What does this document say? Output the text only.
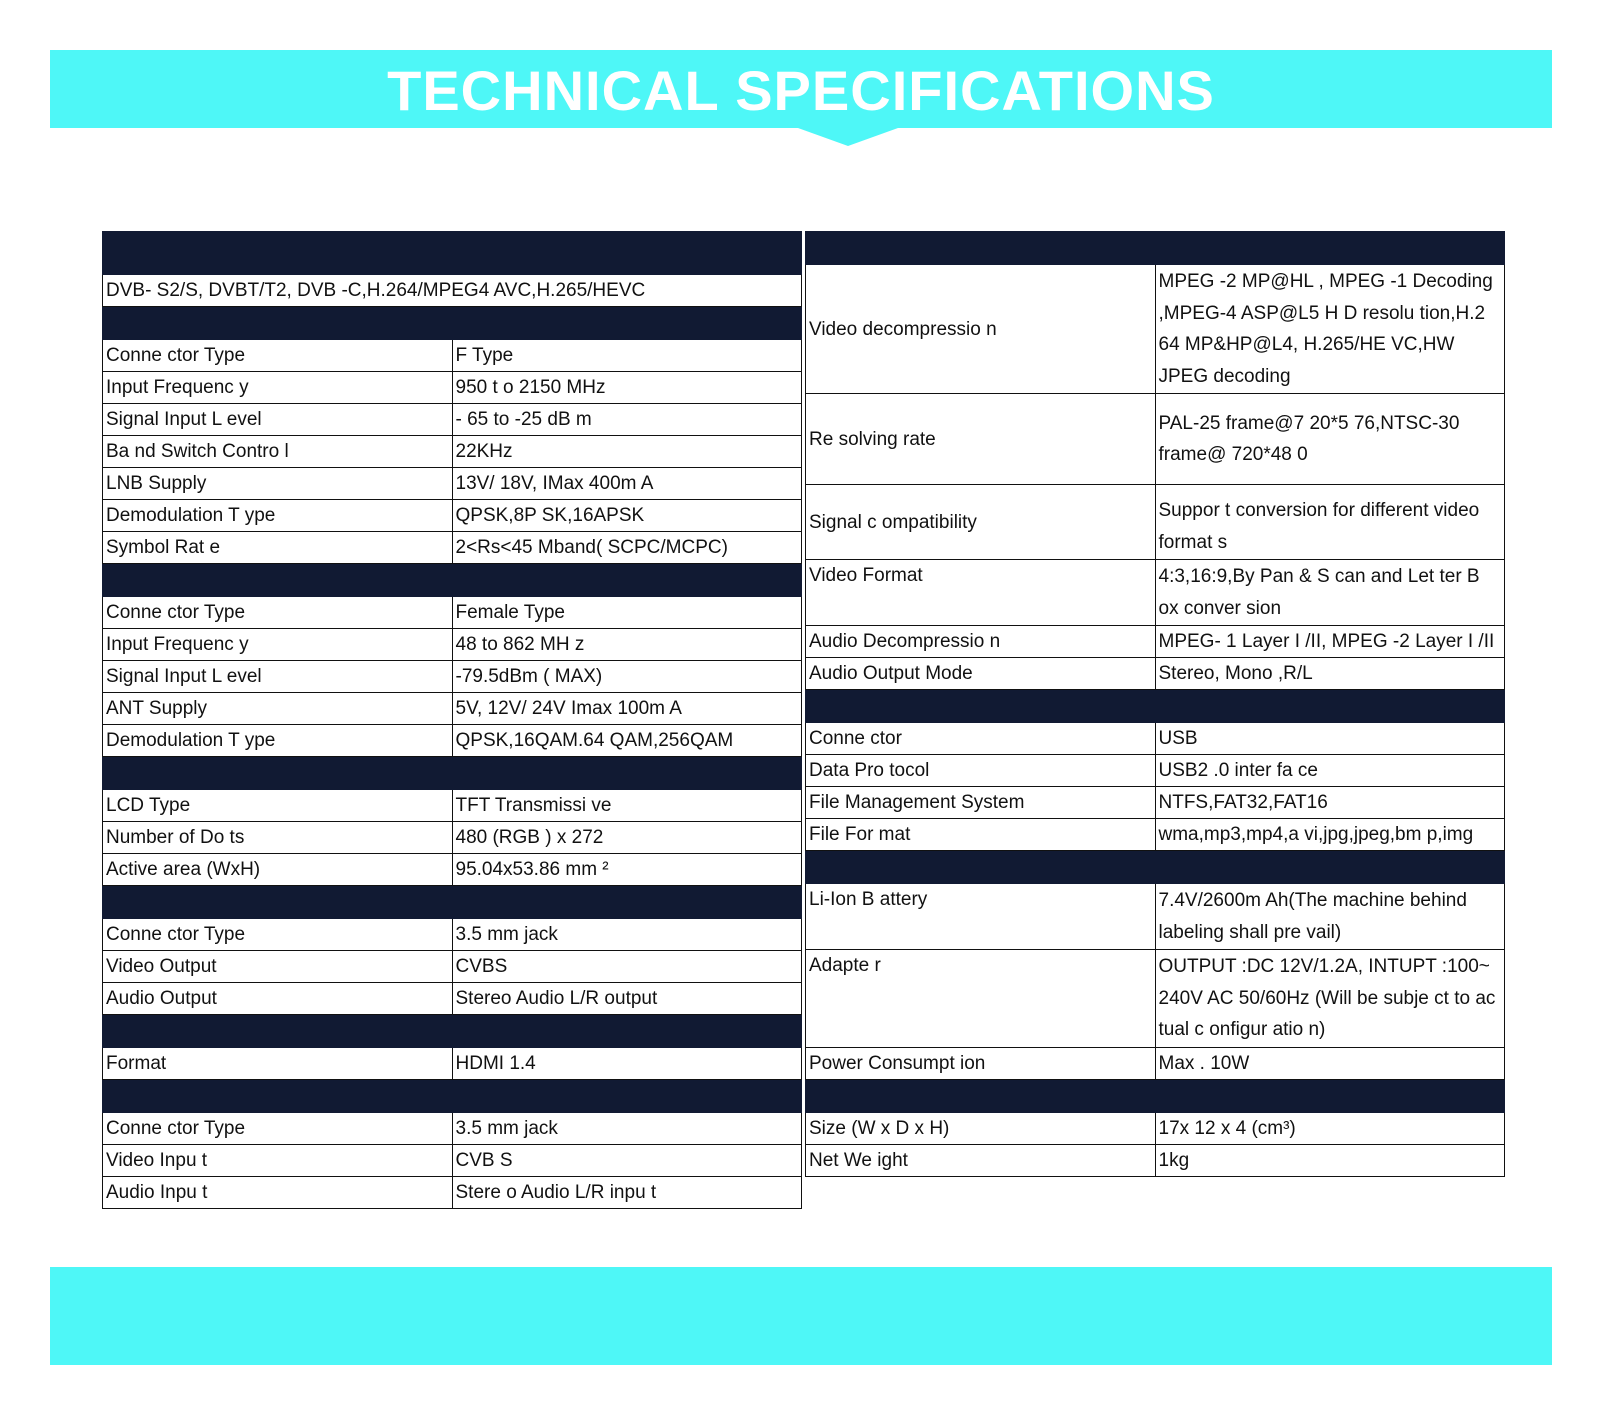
TECHNICAL SPECIFICATIONS

DVB- S2/S, DVBT/T2, DVB -C,H.264/MPEG4 AVC,H.265/HEVC	

Conne ctor Type	F Type
Input Frequenc y	950 t o 2150 MHz
Signal Input L evel	- 65 to -25 dB m
Ba nd Switch Contro l	22KHz
LNB Supply	13V/ 18V, IMax 400m A
Demodulation T ype	QPSK,8P SK,16APSK
Symbol Rat e	2<Rs<45 Mband( SCPC/MCPC)

Conne ctor Type	Female Type
Input Frequenc y	48 to 862 MH z
Signal Input L evel	-79.5dBm ( MAX)
ANT Supply	5V, 12V/ 24V Imax 100m A
Demodulation T ype	QPSK,16QAM.64 QAM,256QAM

LCD Type	TFT Transmissi ve
Number of Do ts	480 (RGB ) x 272
Active area (WxH)	95.04x53.86 mm ²

Conne ctor Type	3.5 mm jack
Video Output	CVBS
Audio Output	Stereo Audio L/R output

Format	HDMI 1.4

Conne ctor Type	3.5 mm jack
Video Inpu t	CVB S
Audio Inpu t	Stere o Audio L/R inpu t

Video decompressio n	MPEG -2 MP@HL , MPEG -1 Decoding ,MPEG-4 ASP@L5 H D resolu tion,H.2 64 MP&HP@L4, H.265/HE VC,HW JPEG decoding
Re solving rate	PAL-25 frame@7 20*5 76,NTSC-30 frame@ 720*48 0
Signal c ompatibility	Suppor t conversion for different video format s
Video Format	4:3,16:9,By Pan & S can and Let ter B ox conver sion
Audio Decompressio n	MPEG- 1 Layer I /II, MPEG -2 Layer I /II
Audio Output Mode	Stereo, Mono ,R/L

Conne ctor	USB
Data Pro tocol	USB2 .0 inter fa ce
File Management System	NTFS,FAT32,FAT16
File For mat	wma,mp3,mp4,a vi,jpg,jpeg,bm p,img

Li-Ion B attery	7.4V/2600m Ah(The machine behind labeling shall pre vail)
Adapte r	OUTPUT :DC 12V/1.2A, INTUPT :100~ 240V AC 50/60Hz (Will be subje ct to ac tual c onfigur atio n)
Power Consumpt ion	Max . 10W

Size (W x D x H)	17x 12 x 4 (cm³)
Net We ight	1kg
